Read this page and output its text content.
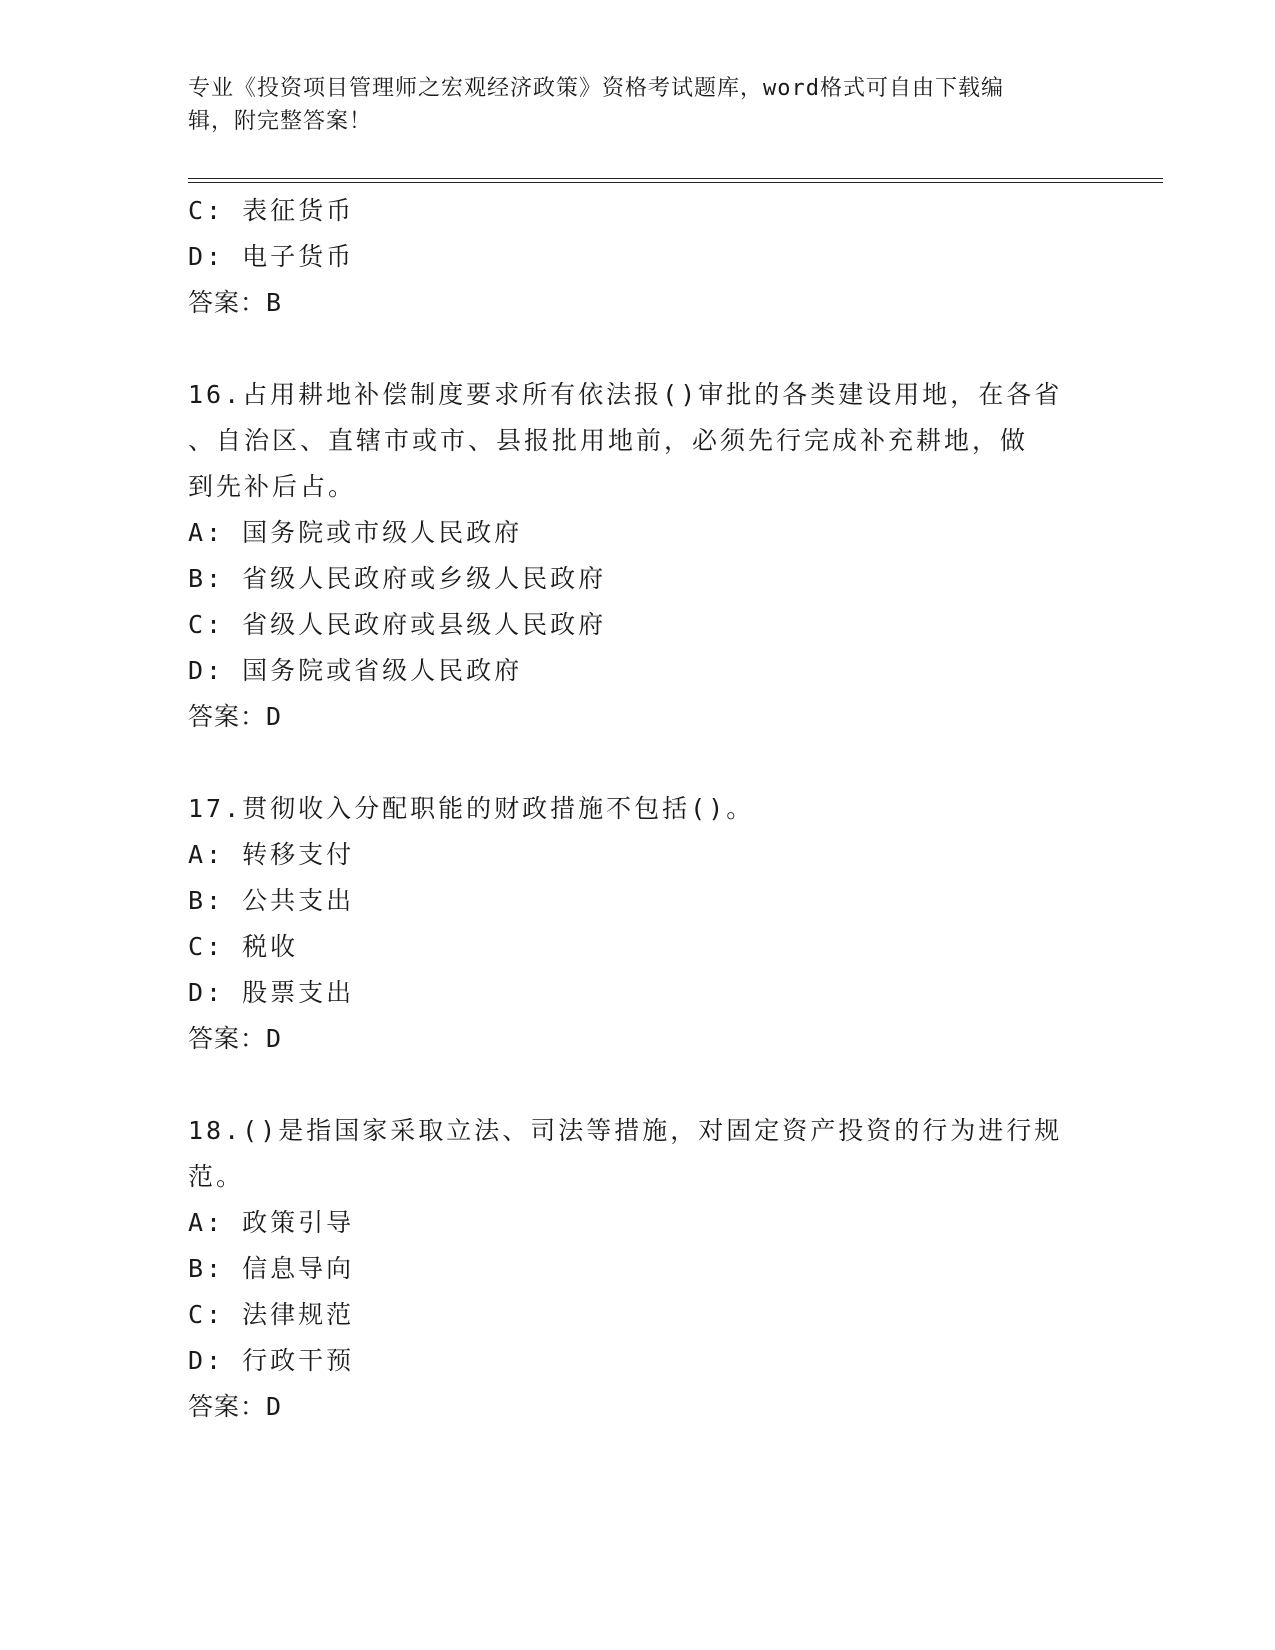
专业《投资项目管理师之宏观经济政策》资格考试题库，word格式可自由下载编
辑，附完整答案！
C: 表征货币
D: 电子货币
答案：B
16.占用耕地补偿制度要求所有依法报()审批的各类建设用地，在各省
、自治区、直辖市或市、县报批用地前，必须先行完成补充耕地，做
到先补后占。
A: 国务院或市级人民政府
B: 省级人民政府或乡级人民政府
C: 省级人民政府或县级人民政府
D: 国务院或省级人民政府
答案：D
17.贯彻收入分配职能的财政措施不包括()。
A: 转移支付
B: 公共支出
C: 税收
D: 股票支出
答案：D
18.()是指国家采取立法、司法等措施，对固定资产投资的行为进行规
范。
A: 政策引导
B: 信息导向
C: 法律规范
D: 行政干预
答案：D
